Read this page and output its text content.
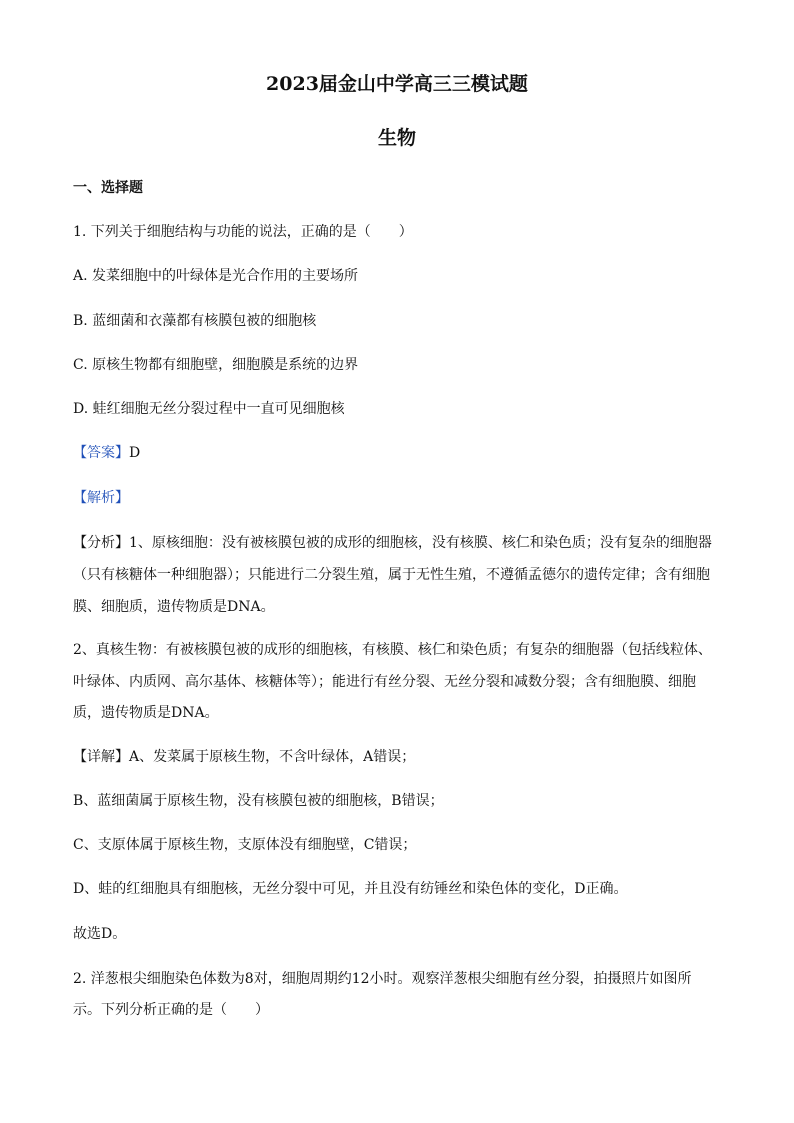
2023届金山中学高三三模试题
生物
一、选择题
1. 下列关于细胞结构与功能的说法，正确的是（　　）
A. 发菜细胞中的叶绿体是光合作用的主要场所
B. 蓝细菌和衣藻都有核膜包被的细胞核
C. 原核生物都有细胞壁，细胞膜是系统的边界
D. 蛙红细胞无丝分裂过程中一直可见细胞核
【答案】D
【解析】
【分析】1、原核细胞：没有被核膜包被的成形的细胞核，没有核膜、核仁和染色质；没有复杂的细胞器
（只有核糖体一种细胞器）；只能进行二分裂生殖，属于无性生殖，不遵循孟德尔的遗传定律；含有细胞
膜、细胞质，遗传物质是DNA。
2、真核生物：有被核膜包被的成形的细胞核，有核膜、核仁和染色质；有复杂的细胞器（包括线粒体、
叶绿体、内质网、高尔基体、核糖体等）；能进行有丝分裂、无丝分裂和减数分裂；含有细胞膜、细胞
质，遗传物质是DNA。
【详解】A、发菜属于原核生物，不含叶绿体，A错误；
B、蓝细菌属于原核生物，没有核膜包被的细胞核，B错误；
C、支原体属于原核生物，支原体没有细胞壁，C错误；
D、蛙的红细胞具有细胞核，无丝分裂中可见，并且没有纺锤丝和染色体的变化，D正确。
故选D。
2. 洋葱根尖细胞染色体数为8对，细胞周期约12小时。观察洋葱根尖细胞有丝分裂，拍摄照片如图所
示。下列分析正确的是（　　）
